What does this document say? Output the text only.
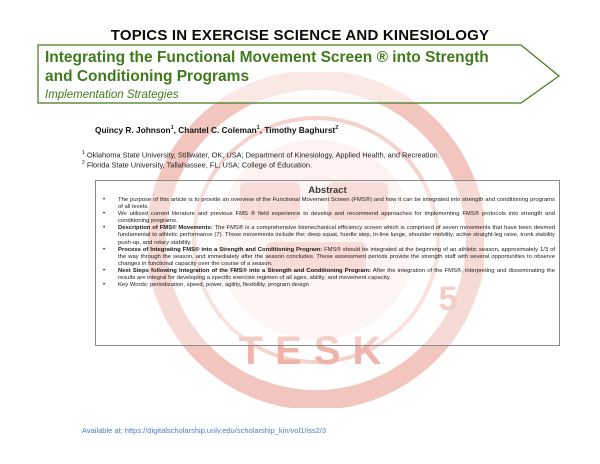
TESK
5
TOPICS IN EXERCISE SCIENCE AND KINESIOLOGY
Integrating the Functional Movement Screen ® into Strength and Conditioning Programs
Implementation Strategies
Quincy R. Johnson$^1$, Chantel C. Coleman$^1$, Timothy Baghurst$^2$
$^1$ Oklahoma State University, Stillwater, OK, USA; Department of Kinesiology, Applied Health, and Recreation.
$^2$ Florida State University, Tallahassee, FL, USA; College of Education.
Abstract
• The purpose of this article is to provide an overview of the Functional Movement Screen (FMS®) and how it can be integrated into strength and conditioning programs of all levels.
• We utilized current literature and previous FMS ® field experience to develop and recommend approaches for implementing FMS® protocols into strength and conditioning programs.
• Description of FMS® Movements: The FMS® is a comprehensive biomechanical efficiency screen which is comprised of seven movements that have been deemed fundamental to athletic performance (7). Those movements include the; deep squat, hurdle step, in-line lunge, shoulder mobility, active straight-leg raise, trunk stability push-up, and rotary stability.
• Process of Integrating FMS® into a Strength and Conditioning Program: FMS® should be integrated at the beginning of an athletic season, approximately 1/3 of the way through the season, and immediately after the season concludes. These assessment periods provide the strength staff with several opportunities to observe changes in functional capacity over the course of a season.
• Next Steps following Integration of the FMS® into a Strength and Conditioning Program: After the integration of the FMS®, interpreting and disseminating the results are integral for developing a specific exercise regimen of all ages, ability, and movement capacity.
• Key Words: periodization, speed, power, agility, flexibility, program design
Available at: https://digitalscholarship.unlv.edu/scholarship_kin/vol1/iss2/3
